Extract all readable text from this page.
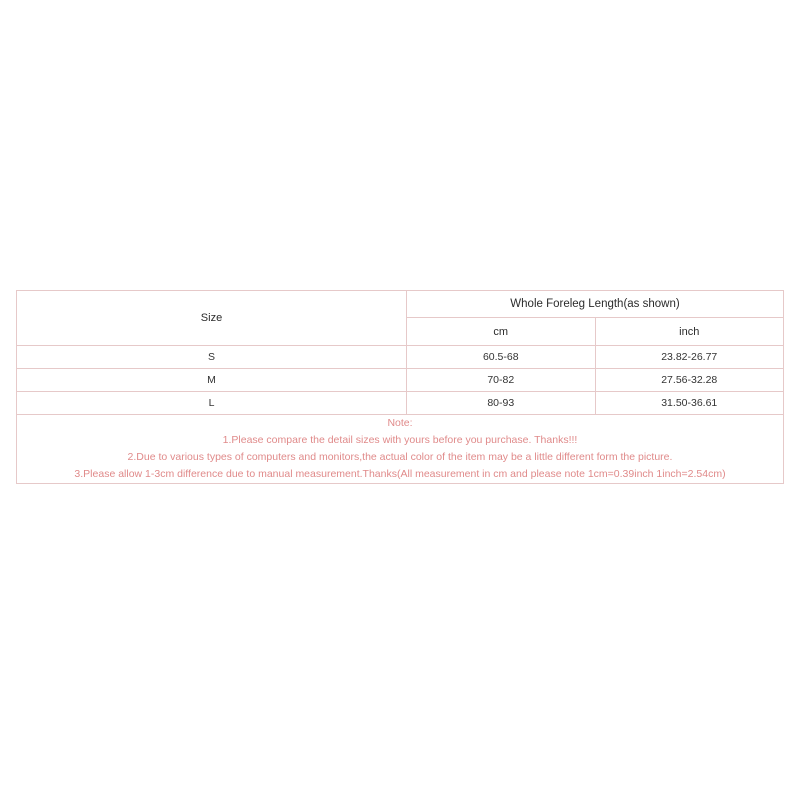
Size	Whole Foreleg Length(as shown)	
	cm	inch
S	60.5-68	23.82-26.77
M	70-82	27.56-32.28
L	80-93	31.50-36.61

Note:
1.Please compare the detail sizes with yours before you purchase. Thanks!!!
2.Due to various types of computers and monitors,the actual color of the item may be a little different form the picture.
3.Please allow 1-3cm difference due to manual measurement.Thanks(All measurement in cm and please note 1cm=0.39inch 1inch=2.54cm)		
